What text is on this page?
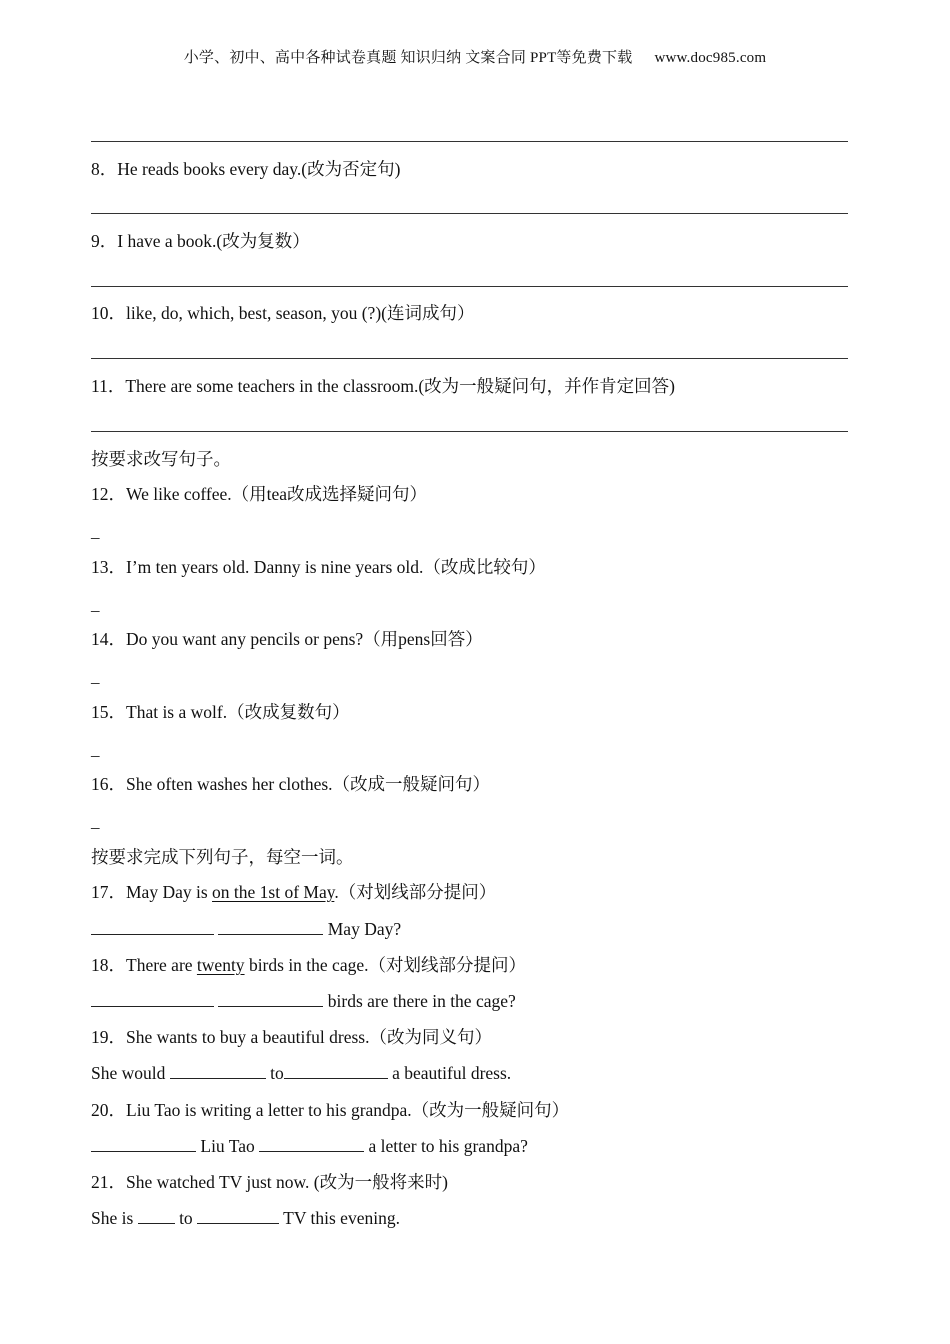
小学、初中、高中各种试卷真题 知识归纳 文案合同 PPT等免费下载 www.doc985.com
8．He reads books every day.(改为否定句)
9．I have a book.(改为复数）
10．like, do, which, best, season, you (?)(连词成句）
11．There are some teachers in the classroom.(改为一般疑问句，并作肯定回答)
按要求改写句子。
12．We like coffee.（用tea改成选择疑问句）
_
13．I’m ten years old. Danny is nine years old.（改成比较句）
_
14．Do you want any pencils or pens?（用pens回答）
_
15．That is a wolf.（改成复数句）
_
16．She often washes her clothes.（改成一般疑问句）
_
按要求完成下列句子，每空一词。
17．May Day is on the 1st of May.（对划线部分提问）
May Day?
18．There are twenty birds in the cage.（对划线部分提问）
birds are there in the cage?
19．She wants to buy a beautiful dress.（改为同义句）
She would	to	a beautiful dress.
20．Liu Tao is writing a letter to his grandpa.（改为一般疑问句）
Liu Tao	a letter to his grandpa?
21．She watched TV just now. (改为一般将来时)
She is	to	TV this evening.
